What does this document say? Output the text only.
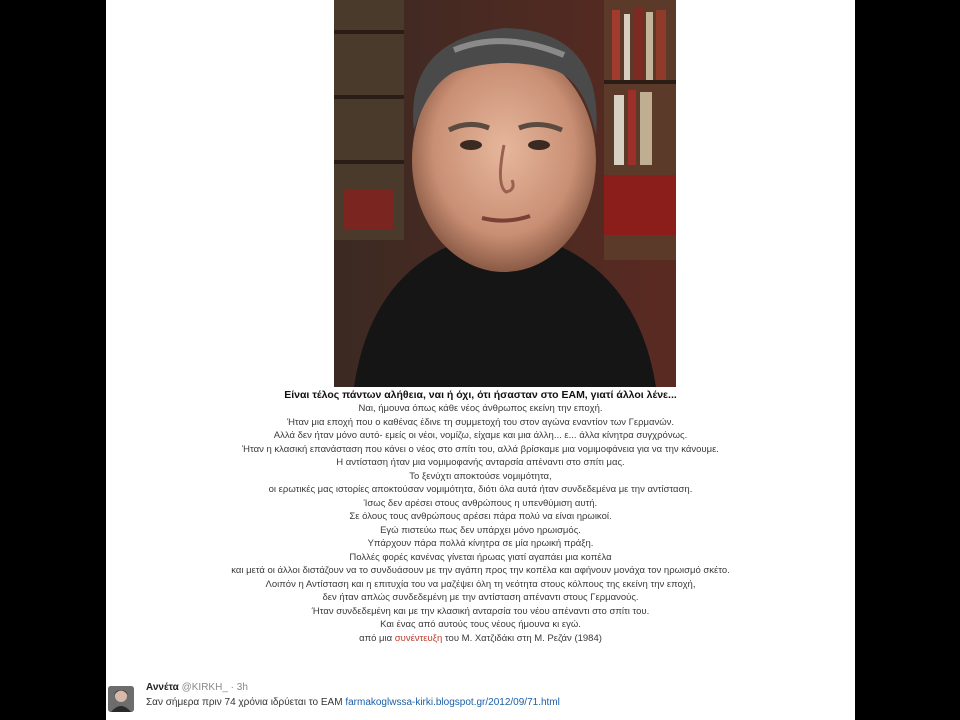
Είναι τέλος πάντων αλήθεια, ναι ή όχι, ότι ήσασταν στο ΕΑΜ, γιατί άλλοι λένε...
Ναι, ήμουνα όπως κάθε νέος άνθρωπος εκείνη την εποχή.
Ήταν μια εποχή που ο καθένας έδινε τη συμμετοχή του στον αγώνα εναντίον των Γερμανών.
Αλλά δεν ήταν μόνο αυτό- εμείς οι νέοι, νομίζω, είχαμε και μια άλλη... ε... άλλα κίνητρα συγχρόνως.
Ήταν η κλασική επανάσταση που κάνει ο νέος στο σπίτι του, αλλά βρίσκαμε μια νομιμοφάνεια για να την κάνουμε.
Η αντίσταση ήταν μια νομιμοφανής ανταρσία απέναντι στο σπίτι μας.
Το ξενύχτι αποκτούσε νομιμότητα,
οι ερωτικές μας ιστορίες αποκτούσαν νομιμότητα, διότι όλα αυτά ήταν συνδεδεμένα με την αντίσταση.
Ίσως δεν αρέσει στους ανθρώπους η υπενθύμιση αυτή.
Σε όλους τους ανθρώπους αρέσει πάρα πολύ να είναι ηρωικοί.
Εγώ πιστεύω πως δεν υπάρχει μόνο ηρωισμός.
Υπάρχουν πάρα πολλά κίνητρα σε μία ηρωική πράξη.
Πολλές φορές κανένας γίνεται ήρωας γιατί αγαπάει μια κοπέλα
και μετά οι άλλοι διστάζουν να το συνδυάσουν με την αγάπη προς την κοπέλα και αφήνουν μονάχα τον ηρωισμό σκέτο.
Λοιπόν η Αντίσταση και η επιτυχία του να μαζέψει όλη τη νεότητα στους κόλπους της εκείνη την εποχή,
δεν ήταν απλώς συνδεδεμένη με την αντίσταση απέναντι στους Γερμανούς.
Ήταν συνδεδεμένη και με την κλασική ανταρσία του νέου απέναντι στο σπίτι του.
Και ένας από αυτούς τους νέους ήμουνα κι εγώ.
από μια συνέντευξη του Μ. Χατζιδάκι στη Μ. Ρεζάν (1984)
Αννέτα @KIRKH_ · 3h
Σαν σήμερα πριν 74 χρόνια ιδρύεται το ΕΑΜ farmakoglwssa-kirki.blogspot.gr/2012/09/71.html
